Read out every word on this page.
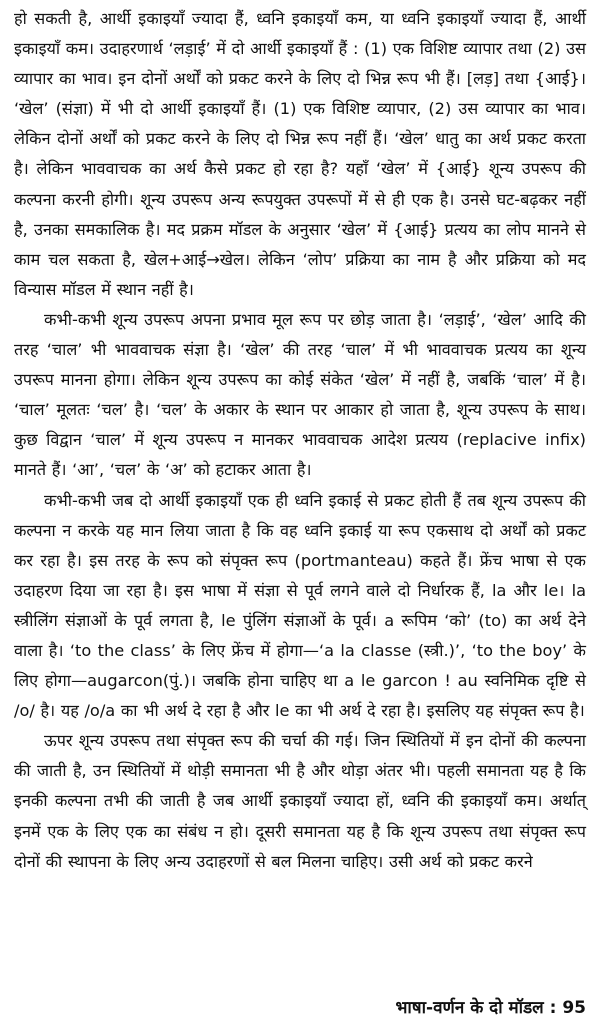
हो सकती है, आर्थी इकाइयाँ ज्यादा हैं, ध्वनि इकाइयाँ कम, या ध्वनि इकाइयाँ ज्यादा हैं, आर्थी इकाइयाँ कम। उदाहरणार्थ ‘लड़ाई’ में दो आर्थी इकाइयाँ हैं : (1) एक विशिष्ट व्यापार तथा (2) उस व्यापार का भाव। इन दोनों अर्थों को प्रकट करने के लिए दो भिन्न रूप भी हैं। [लड़] तथा {आई}। ‘खेल’ (संज्ञा) में भी दो आर्थी इकाइयाँ हैं। (1) एक विशिष्ट व्यापार, (2) उस व्यापार का भाव। लेकिन दोनों अर्थों को प्रकट करने के लिए दो भिन्न रूप नहीं हैं। ‘खेल’ धातु का अर्थ प्रकट करता है। लेकिन भाववाचक का अर्थ कैसे प्रकट हो रहा है? यहाँ ‘खेल’ में {आई} शून्य उपरूप की कल्पना करनी होगी। शून्य उपरूप अन्य रूपयुक्त उपरूपों में से ही एक है। उनसे घट-बढ़कर नहीं है, उनका समकालिक है। मद प्रक्रम मॉडल के अनुसार ‘खेल’ में {आई} प्रत्यय का लोप मानने से काम चल सकता है, खेल+आई→खेल। लेकिन ‘लोप’ प्रक्रिया का नाम है और प्रक्रिया को मद विन्यास मॉडल में स्थान नहीं है।

कभी-कभी शून्य उपरूप अपना प्रभाव मूल रूप पर छोड़ जाता है। ‘लड़ाई’, ‘खेल’ आदि की तरह ‘चाल’ भी भाववाचक संज्ञा है। ‘खेल’ की तरह ‘चाल’ में भी भाववाचक प्रत्यय का शून्य उपरूप मानना होगा। लेकिन शून्य उपरूप का कोई संकेत ‘खेल’ में नहीं है, जबकिं ‘चाल’ में है। ‘चाल’ मूलतः ‘चल’ है। ‘चल’ के अकार के स्थान पर आकार हो जाता है, शून्य उपरूप के साथ। कुछ विद्वान ‘चाल’ में शून्य उपरूप न मानकर भाववाचक आदेश प्रत्यय (replacive infix) मानते हैं। ‘आ’, ‘चल’ के ‘अ’ को हटाकर आता है।

कभी-कभी जब दो आर्थी इकाइयाँ एक ही ध्वनि इकाई से प्रकट होती हैं तब शून्य उपरूप की कल्पना न करके यह मान लिया जाता है कि वह ध्वनि इकाई या रूप एकसाथ दो अर्थों को प्रकट कर रहा है। इस तरह के रूप को संपृक्त रूप (portmanteau) कहते हैं। फ्रेंच भाषा से एक उदाहरण दिया जा रहा है। इस भाषा में संज्ञा से पूर्व लगने वाले दो निर्धारक हैं, la और le। la स्त्रीलिंग संज्ञाओं के पूर्व लगता है, le पुंलिंग संज्ञाओं के पूर्व। a रूपिम ‘को’ (to) का अर्थ देने वाला है। ‘to the class’ के लिए फ्रेंच में होगा—‘a la classe (स्त्री.)’, ‘to the boy’ के लिए होगा—augarcon(पुं.)। जबकि होना चाहिए था a le garcon ! au स्वनिमिक दृष्टि से /o/ है। यह /o/a का भी अर्थ दे रहा है और le का भी अर्थ दे रहा है। इसलिए यह संपृक्त रूप है।

ऊपर शून्य उपरूप तथा संपृक्त रूप की चर्चा की गई। जिन स्थितियों में इन दोनों की कल्पना की जाती है, उन स्थितियों में थोड़ी समानता भी है और थोड़ा अंतर भी। पहली समानता यह है कि इनकी कल्पना तभी की जाती है जब आर्थी इकाइयाँ ज्यादा हों, ध्वनि की इकाइयाँ कम। अर्थात् इनमें एक के लिए एक का संबंध न हो। दूसरी समानता यह है कि शून्य उपरूप तथा संपृक्त रूप दोनों की स्थापना के लिए अन्य उदाहरणों से बल मिलना चाहिए। उसी अर्थ को प्रकट करने

भाषा-वर्णन के दो मॉडल : 95
